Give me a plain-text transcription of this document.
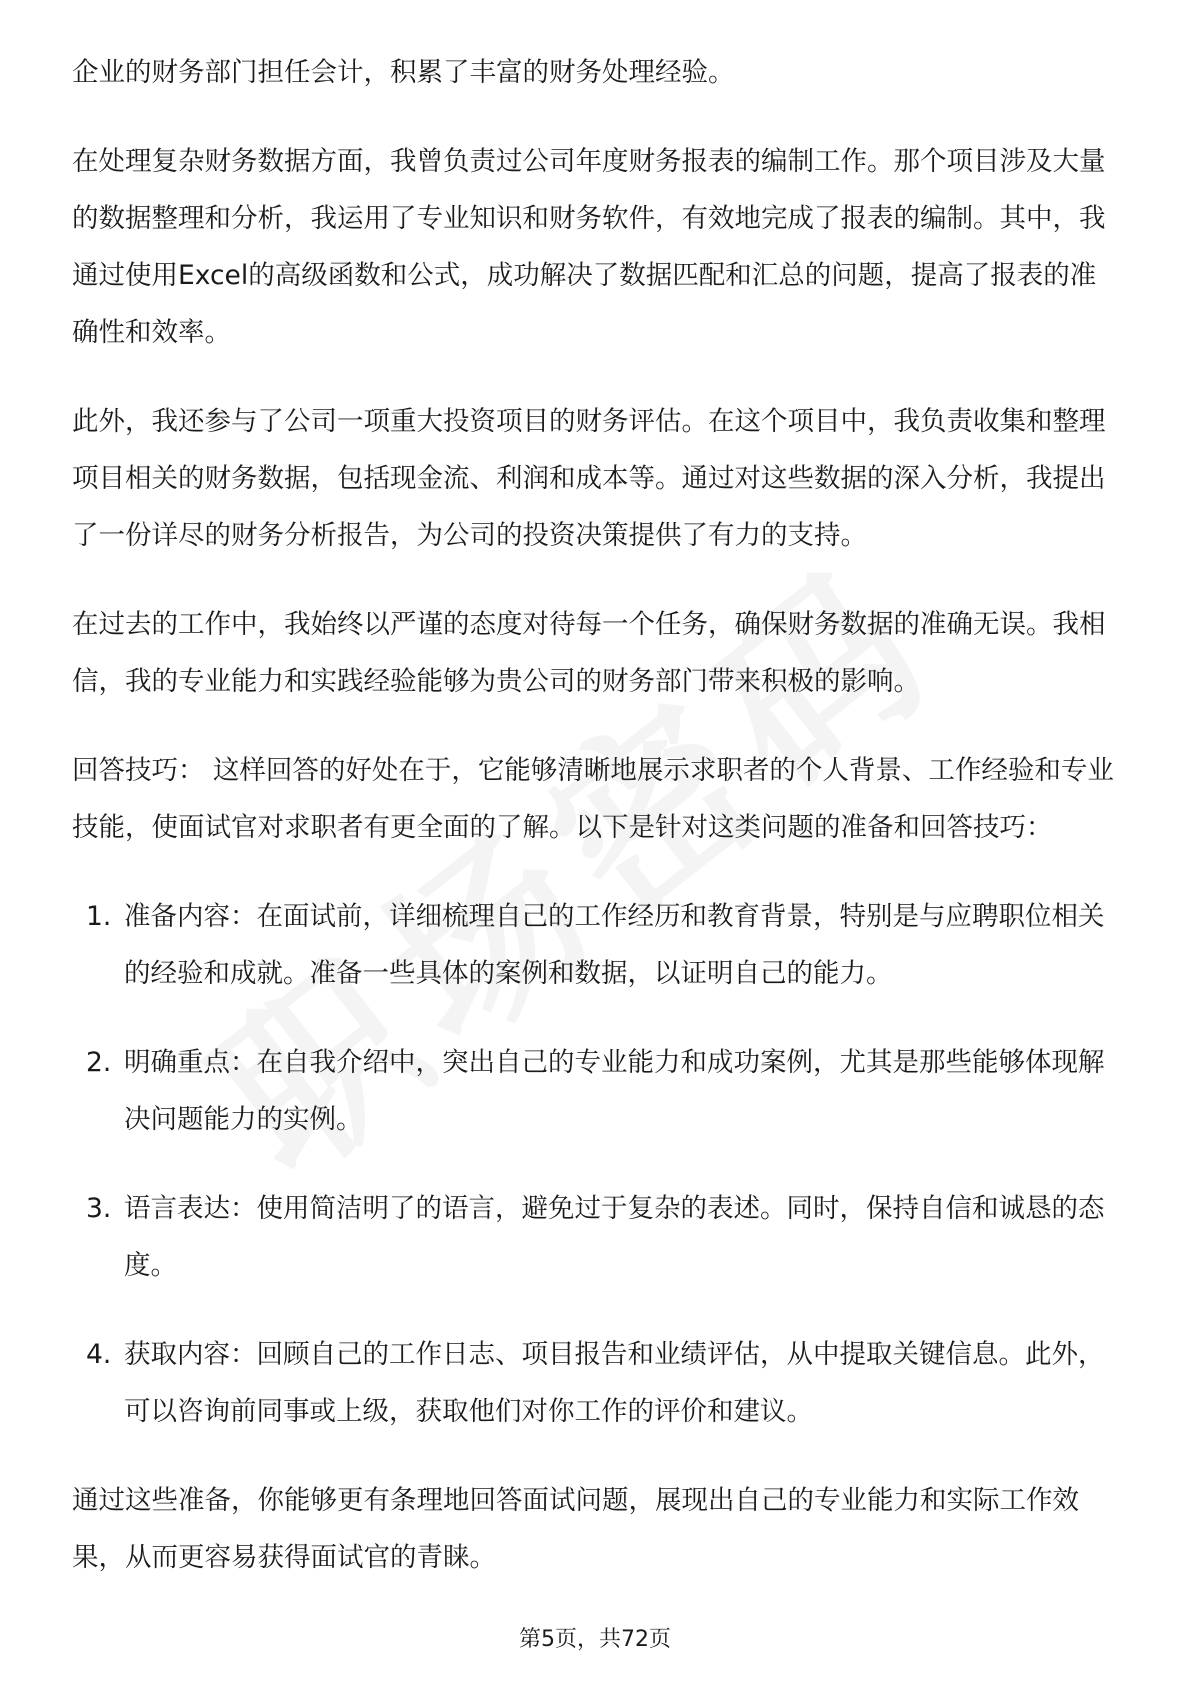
企业的财务部门担任会计，积累了丰富的财务处理经验。

在处理复杂财务数据方面，我曾负责过公司年度财务报表的编制工作。那个项目涉及大量的数据整理和分析，我运用了专业知识和财务软件，有效地完成了报表的编制。其中，我通过使用Excel的高级函数和公式，成功解决了数据匹配和汇总的问题，提高了报表的准确性和效率。

此外，我还参与了公司一项重大投资项目的财务评估。在这个项目中，我负责收集和整理项目相关的财务数据，包括现金流、利润和成本等。通过对这些数据的深入分析，我提出了一份详尽的财务分析报告，为公司的投资决策提供了有力的支持。

在过去的工作中，我始终以严谨的态度对待每一个任务，确保财务数据的准确无误。我相信，我的专业能力和实践经验能够为贵公司的财务部门带来积极的影响。

回答技巧： 这样回答的好处在于，它能够清晰地展示求职者的个人背景、工作经验和专业技能，使面试官对求职者有更全面的了解。以下是针对这类问题的准备和回答技巧：

1. 准备内容：在面试前，详细梳理自己的工作经历和教育背景，特别是与应聘职位相关的经验和成就。准备一些具体的案例和数据，以证明自己的能力。
2. 明确重点：在自我介绍中，突出自己的专业能力和成功案例，尤其是那些能够体现解决问题能力的实例。
3. 语言表达：使用简洁明了的语言，避免过于复杂的表述。同时，保持自信和诚恳的态度。
4. 获取内容：回顾自己的工作日志、项目报告和业绩评估，从中提取关键信息。此外，可以咨询前同事或上级，获取他们对你工作的评价和建议。

通过这些准备，你能够更有条理地回答面试问题，展现出自己的专业能力和实际工作效果，从而更容易获得面试官的青睐。

第5页，共72页
